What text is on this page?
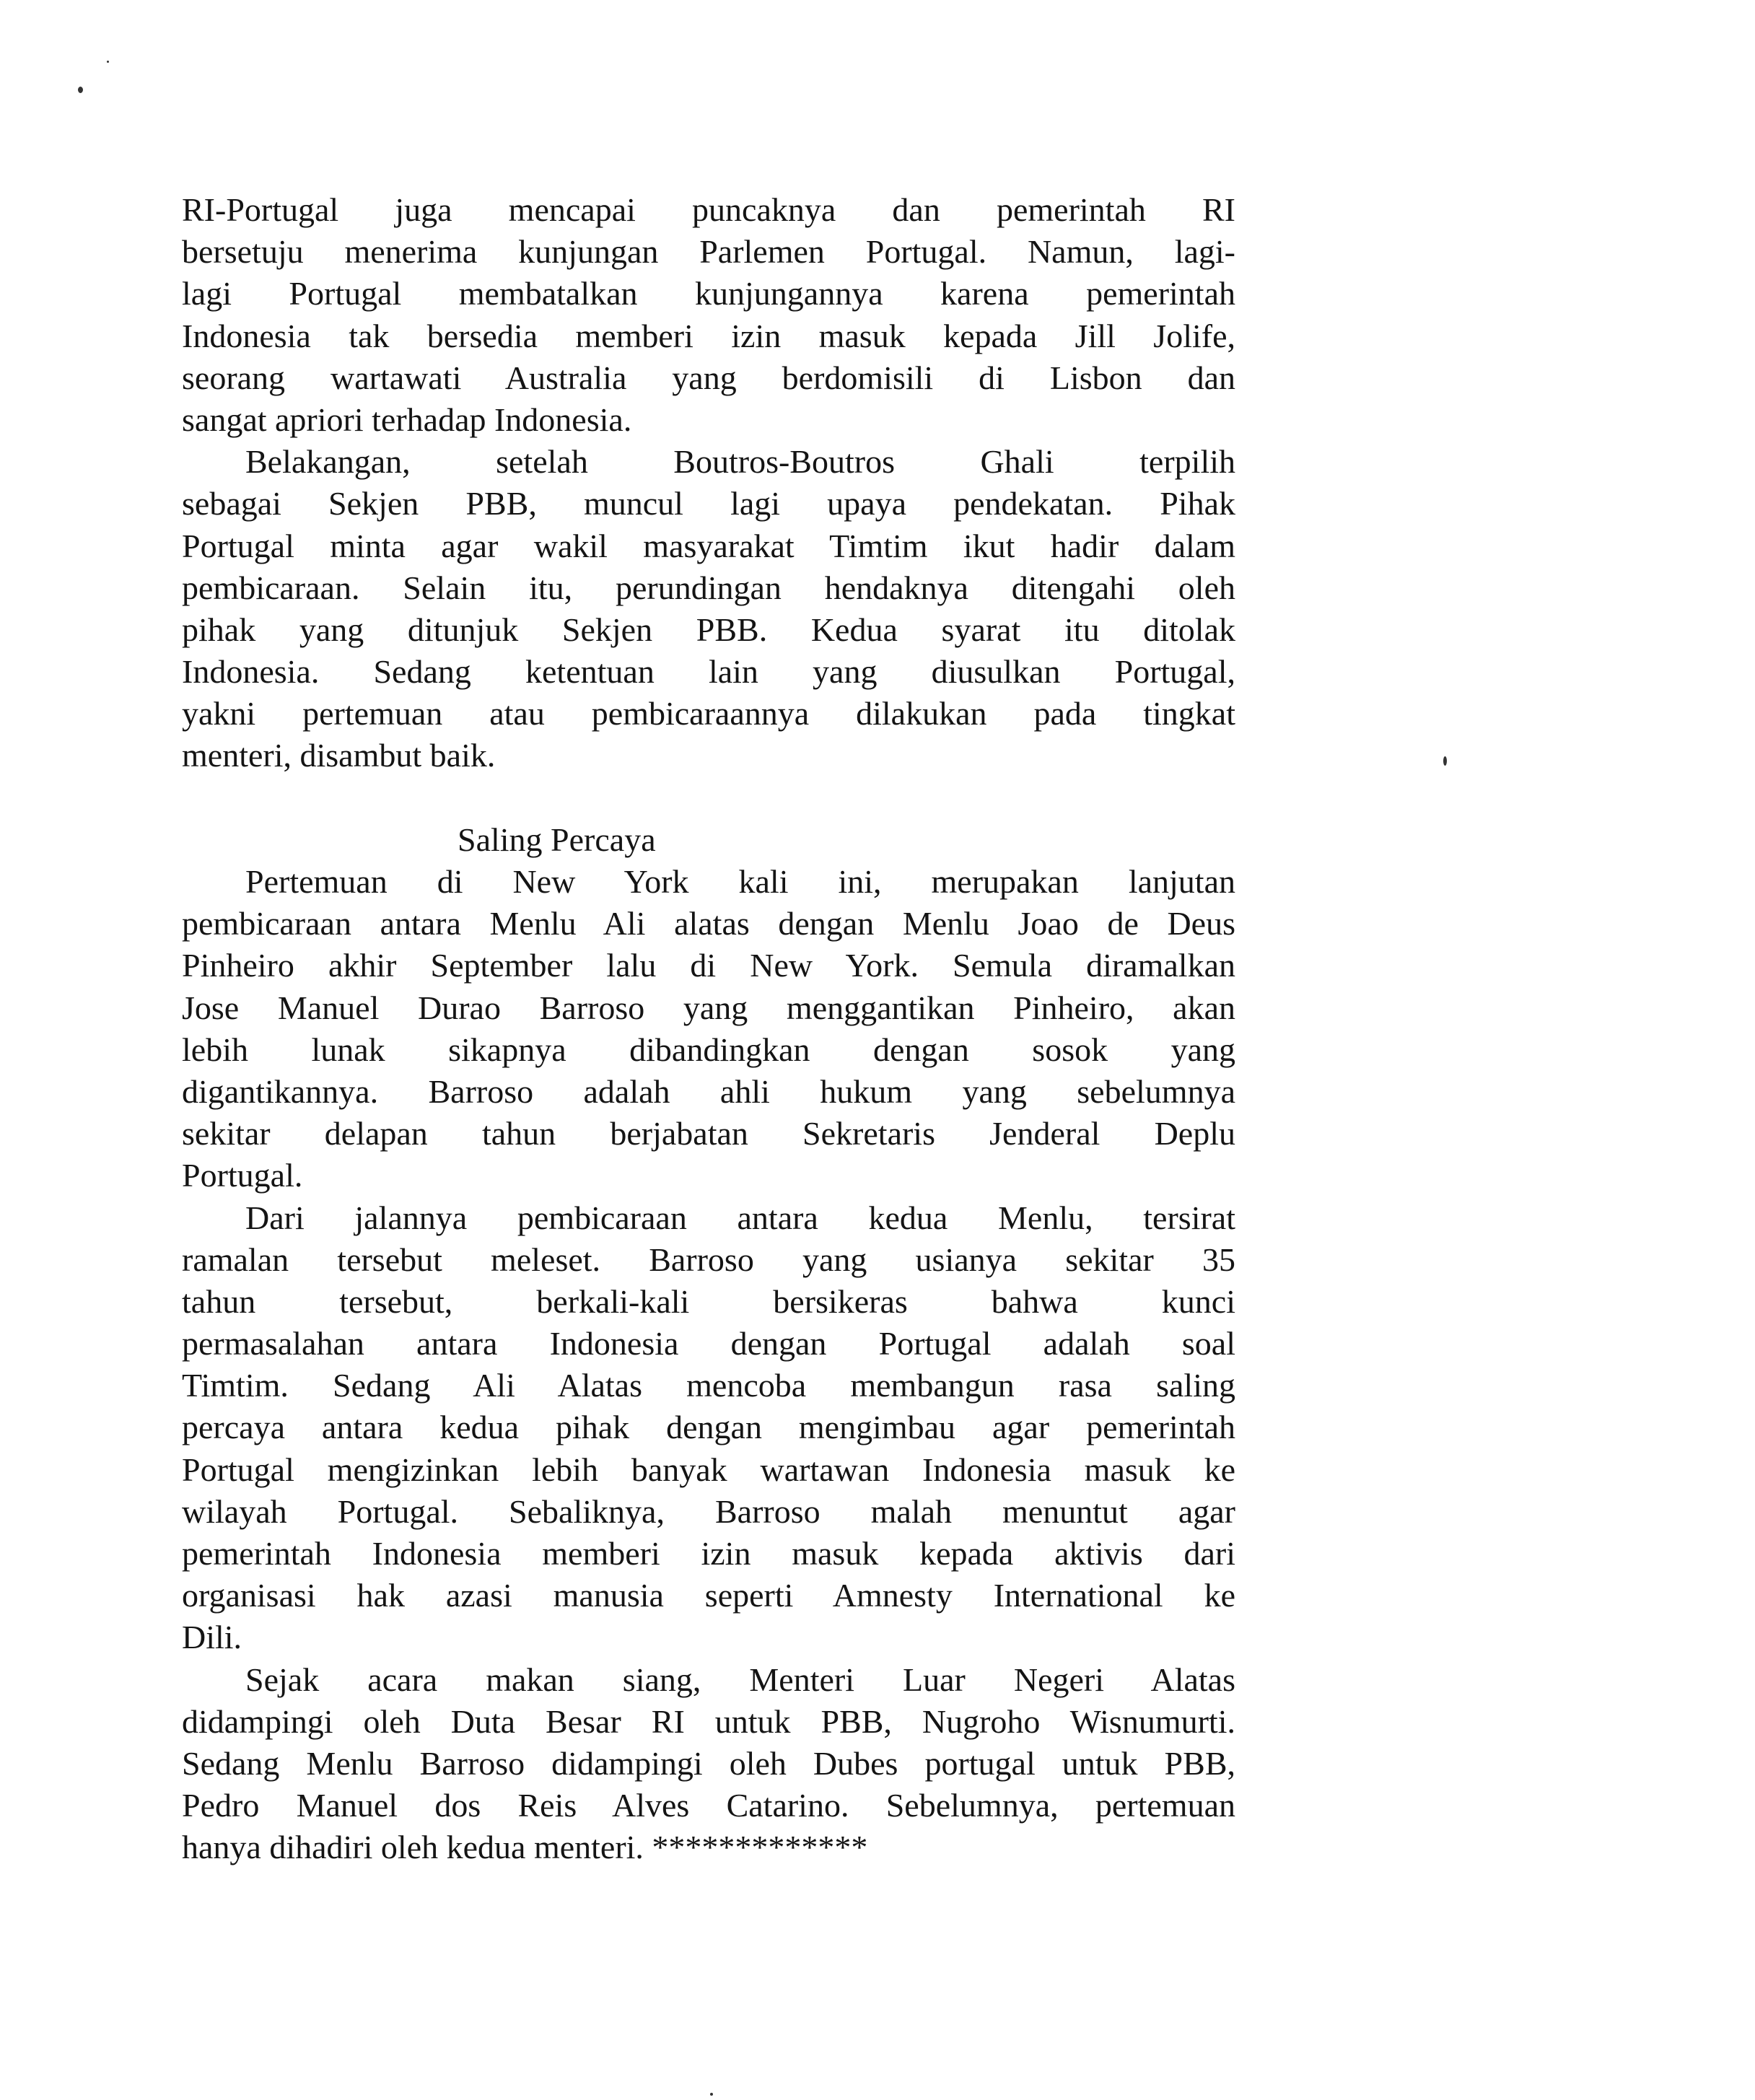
RI-Portugal juga mencapai puncaknya dan pemerintah RI
bersetuju menerima kunjungan Parlemen Portugal. Namun, lagi-
lagi Portugal membatalkan kunjungannya karena pemerintah
Indonesia tak bersedia memberi izin masuk kepada Jill Jolife,
seorang wartawati Australia yang berdomisili di Lisbon dan
sangat apriori terhadap Indonesia.
Belakangan, setelah Boutros-Boutros Ghali terpilih
sebagai Sekjen PBB, muncul lagi upaya pendekatan. Pihak
Portugal minta agar wakil masyarakat Timtim ikut hadir dalam
pembicaraan. Selain itu, perundingan hendaknya ditengahi oleh
pihak yang ditunjuk Sekjen PBB. Kedua syarat itu ditolak
Indonesia. Sedang ketentuan lain yang diusulkan Portugal,
yakni pertemuan atau pembicaraannya dilakukan pada tingkat
menteri, disambut baik.
Saling Percaya
Pertemuan di New York kali ini, merupakan lanjutan
pembicaraan antara Menlu Ali alatas dengan Menlu Joao de Deus
Pinheiro akhir September lalu di New York. Semula diramalkan
Jose Manuel Durao Barroso yang menggantikan Pinheiro, akan
lebih lunak sikapnya dibandingkan dengan sosok yang
digantikannya. Barroso adalah ahli hukum yang sebelumnya
sekitar delapan tahun berjabatan Sekretaris Jenderal Deplu
Portugal.
Dari jalannya pembicaraan antara kedua Menlu, tersirat
ramalan tersebut meleset. Barroso yang usianya sekitar 35
tahun tersebut, berkali-kali bersikeras bahwa kunci
permasalahan antara Indonesia dengan Portugal adalah soal
Timtim. Sedang Ali Alatas mencoba membangun rasa saling
percaya antara kedua pihak dengan mengimbau agar pemerintah
Portugal mengizinkan lebih banyak wartawan Indonesia masuk ke
wilayah Portugal. Sebaliknya, Barroso malah menuntut agar
pemerintah Indonesia memberi izin masuk kepada aktivis dari
organisasi hak azasi manusia seperti Amnesty International ke
Dili.
Sejak acara makan siang, Menteri Luar Negeri Alatas
didampingi oleh Duta Besar RI untuk PBB, Nugroho Wisnumurti.
Sedang Menlu Barroso didampingi oleh Dubes portugal untuk PBB,
Pedro Manuel dos Reis Alves Catarino. Sebelumnya, pertemuan
hanya dihadiri oleh kedua menteri. *************
